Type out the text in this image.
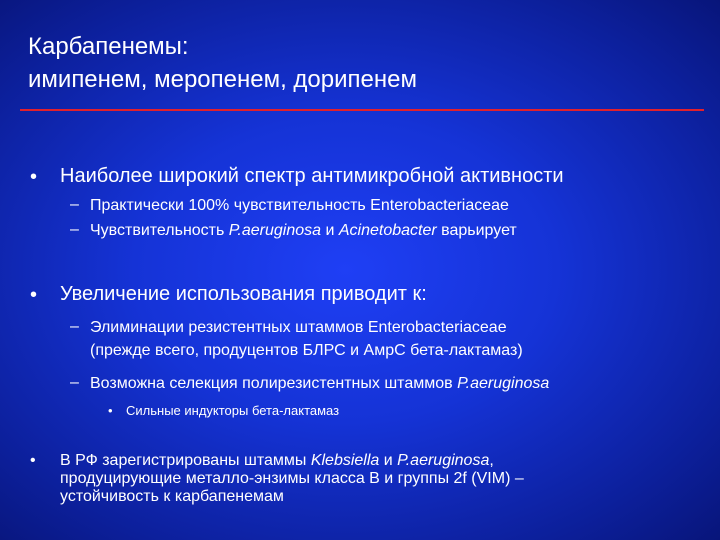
Карбапенемы:
имипенем, меропенем, дорипенем
• Наиболее широкий спектр антимикробной активности
– Практически 100% чувствительность Enterobacteriaceae
– Чувствительность P.aeruginosa и Acinetobacter варьирует
• Увеличение использования приводит к:
– Элиминации резистентных штаммов Enterobacteriaceae
(прежде всего, продуцентов БЛРС и АмрС бета-лактамаз)
– Возможна селекция полирезистентных штаммов P.aeruginosa
• Сильные индукторы бета-лактамаз
• В РФ зарегистрированы штаммы Klebsiella и P.aeruginosa,
продуцирующие металло-энзимы класса В и группы 2f (VIM) –
устойчивость к карбапенемам
